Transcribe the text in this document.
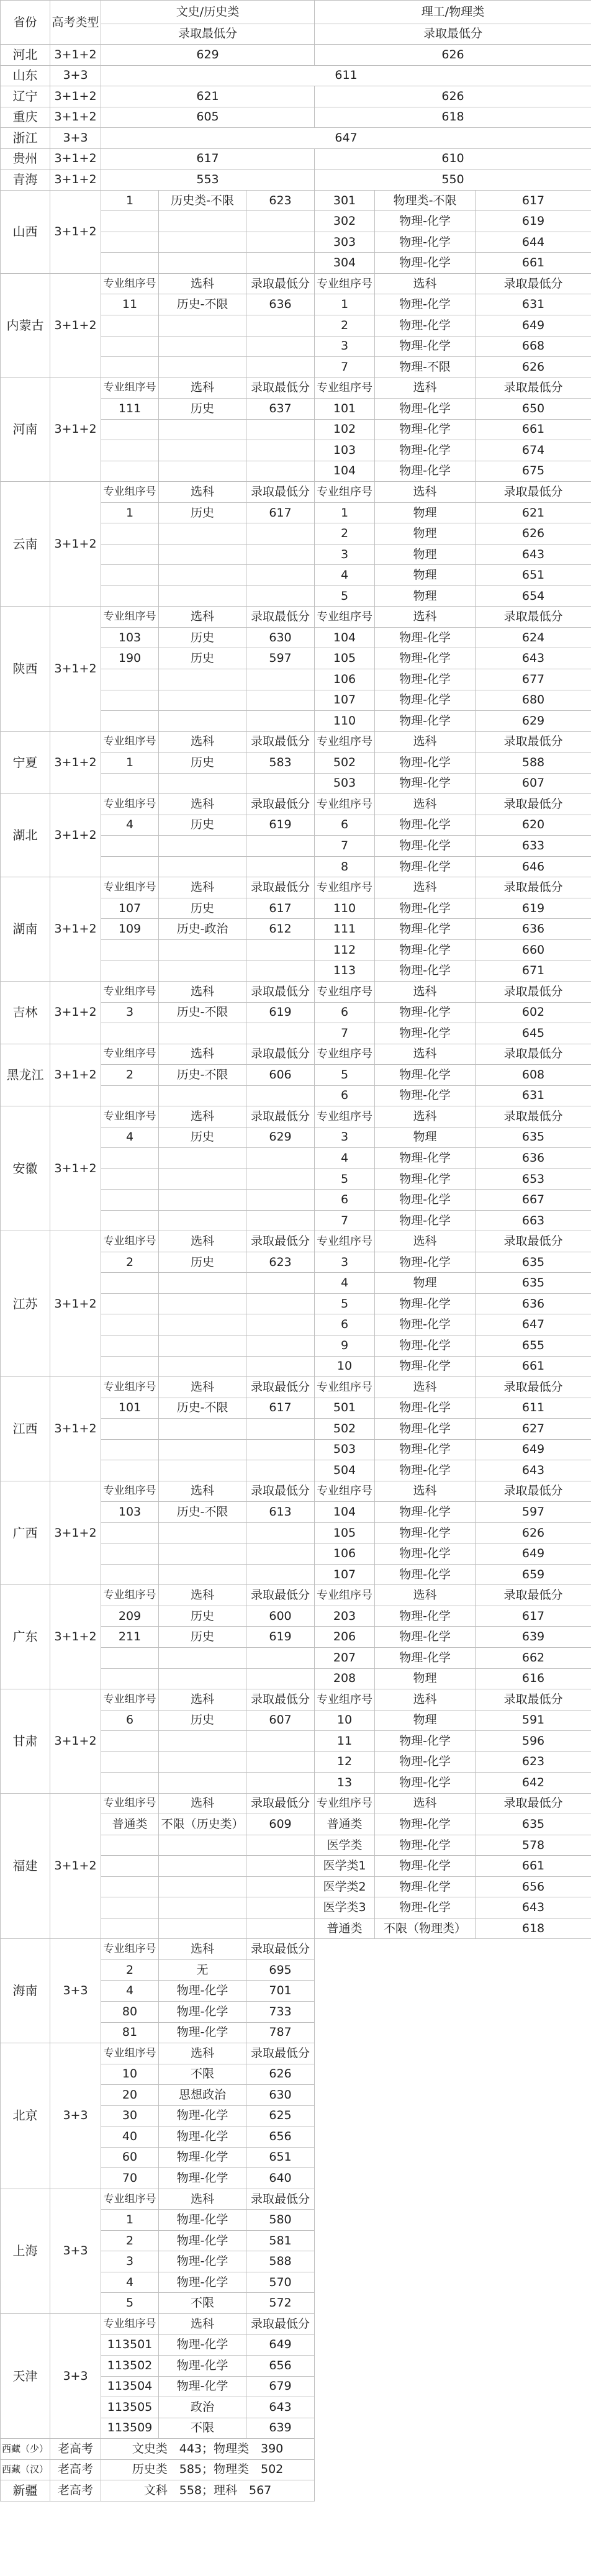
省份	高考类型	文史/历史类			理工/物理类		
		录取最低分			录取最低分		
河北	3+1+2	629			626		
山东	3+3	611					
辽宁	3+1+2	621			626		
重庆	3+1+2	605			618		
浙江	3+3	647					
贵州	3+1+2	617			610		
青海	3+1+2	553			550		
山西	3+1+2	1	历史类-不限	623	301	物理类-不限	617
					302	物理-化学	619
					303	物理-化学	644
					304	物理-化学	661
内蒙古	3+1+2	专业组序号	选科	录取最低分	专业组序号	选科	录取最低分
		11	历史-不限	636	1	物理-化学	631
					2	物理-化学	649
					3	物理-化学	668
					7	物理-不限	626
河南	3+1+2	专业组序号	选科	录取最低分	专业组序号	选科	录取最低分
		111	历史	637	101	物理-化学	650
					102	物理-化学	661
					103	物理-化学	674
					104	物理-化学	675
云南	3+1+2	专业组序号	选科	录取最低分	专业组序号	选科	录取最低分
		1	历史	617	1	物理	621
					2	物理	626
					3	物理	643
					4	物理	651
					5	物理	654
陕西	3+1+2	专业组序号	选科	录取最低分	专业组序号	选科	录取最低分
		103	历史	630	104	物理-化学	624
		190	历史	597	105	物理-化学	643
					106	物理-化学	677
					107	物理-化学	680
					110	物理-化学	629
宁夏	3+1+2	专业组序号	选科	录取最低分	专业组序号	选科	录取最低分
		1	历史	583	502	物理-化学	588
					503	物理-化学	607
湖北	3+1+2	专业组序号	选科	录取最低分	专业组序号	选科	录取最低分
		4	历史	619	6	物理-化学	620
					7	物理-化学	633
					8	物理-化学	646
湖南	3+1+2	专业组序号	选科	录取最低分	专业组序号	选科	录取最低分
		107	历史	617	110	物理-化学	619
		109	历史-政治	612	111	物理-化学	636
					112	物理-化学	660
					113	物理-化学	671
吉林	3+1+2	专业组序号	选科	录取最低分	专业组序号	选科	录取最低分
		3	历史-不限	619	6	物理-化学	602
					7	物理-化学	645
黑龙江	3+1+2	专业组序号	选科	录取最低分	专业组序号	选科	录取最低分
		2	历史-不限	606	5	物理-化学	608
					6	物理-化学	631
安徽	3+1+2	专业组序号	选科	录取最低分	专业组序号	选科	录取最低分
		4	历史	629	3	物理	635
					4	物理-化学	636
					5	物理-化学	653
					6	物理-化学	667
					7	物理-化学	663
江苏	3+1+2	专业组序号	选科	录取最低分	专业组序号	选科	录取最低分
		2	历史	623	3	物理-化学	635
					4	物理	635
					5	物理-化学	636
					6	物理-化学	647
					9	物理-化学	655
					10	物理-化学	661
江西	3+1+2	专业组序号	选科	录取最低分	专业组序号	选科	录取最低分
		101	历史-不限	617	501	物理-化学	611
					502	物理-化学	627
					503	物理-化学	649
					504	物理-化学	643
广西	3+1+2	专业组序号	选科	录取最低分	专业组序号	选科	录取最低分
		103	历史-不限	613	104	物理-化学	597
					105	物理-化学	626
					106	物理-化学	649
					107	物理-化学	659
广东	3+1+2	专业组序号	选科	录取最低分	专业组序号	选科	录取最低分
		209	历史	600	203	物理-化学	617
		211	历史	619	206	物理-化学	639
					207	物理-化学	662
					208	物理	616
甘肃	3+1+2	专业组序号	选科	录取最低分	专业组序号	选科	录取最低分
		6	历史	607	10	物理	591
					11	物理-化学	596
					12	物理-化学	623
					13	物理-化学	642
福建	3+1+2	专业组序号	选科	录取最低分	专业组序号	选科	录取最低分
		普通类	不限（历史类）	609	普通类	物理-化学	635
					医学类	物理-化学	578
					医学类1	物理-化学	661
					医学类2	物理-化学	656
					医学类3	物理-化学	643
					普通类	不限（物理类）	618
海南	3+3	专业组序号	选科	录取最低分			
		2	无	695			
		4	物理-化学	701			
		80	物理-化学	733			
		81	物理-化学	787			
北京	3+3	专业组序号	选科	录取最低分			
		10	不限	626			
		20	思想政治	630			
		30	物理-化学	625			
		40	物理-化学	656			
		60	物理-化学	651			
		70	物理-化学	640			
上海	3+3	专业组序号	选科	录取最低分			
		1	物理-化学	580			
		2	物理-化学	581			
		3	物理-化学	588			
		4	物理-化学	570			
		5	不限	572			
天津	3+3	专业组序号	选科	录取最低分			
		113501	物理-化学	649			
		113502	物理-化学	656			
		113504	物理-化学	679			
		113505	政治	643			
		113509	不限	639			
西藏（少）	老高考	文史类　443；物理类　390					
西藏（汉）	老高考	历史类　585；物理类　502					
新疆	老高考	文科　558；理科　567					
